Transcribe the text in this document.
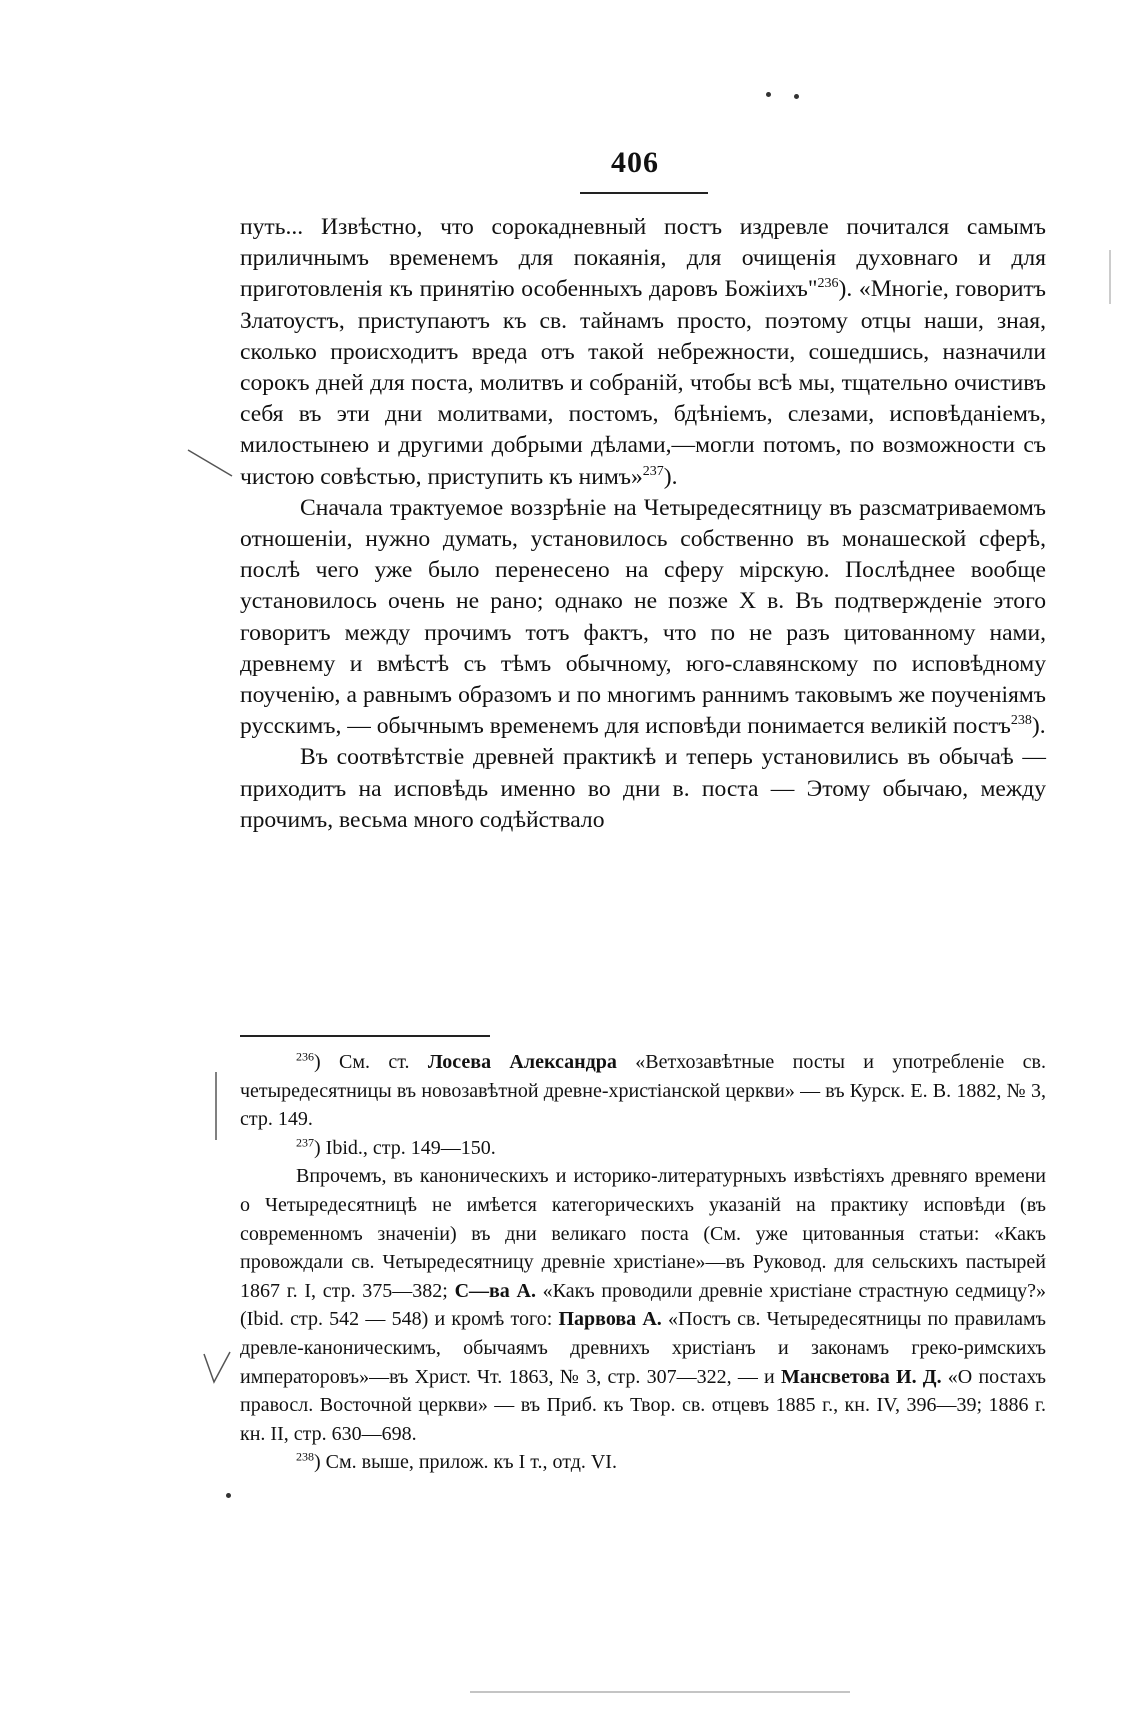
406

путь... Извѣстно, что сорокадневный постъ издревле почитался самымъ приличнымъ временемъ для покаянія, для очищенія духовнаго и для приготовленія къ принятію особенныхъ даровъ Божіихъ"$^{236}$). «Многіе, говоритъ Златоустъ, приступаютъ къ св. тайнамъ просто, поэтому отцы наши, зная, сколько происходитъ вреда отъ такой небрежности, сошедшись, назначили сорокъ дней для поста, молитвъ и собраній, чтобы всѣ мы, тщательно очистивъ себя въ эти дни молитвами, постомъ, бдѣніемъ, слезами, исповѣданіемъ, милостынею и другими добрыми дѣлами,—могли потомъ, по возможности съ чистою совѣстью, приступить къ нимъ»$^{237}$).

Сначала трактуемое воззрѣніе на Четыредесятницу въ разсматриваемомъ отношеніи, нужно думать, установилось собственно въ монашеской сферѣ, послѣ чего уже было перенесено на сферу мірскую. Послѣднее вообще установилось очень не рано; однако не позже X в. Въ подтвержденіе этого говоритъ между прочимъ тотъ фактъ, что по не разъ цитованному нами, древнему и вмѣстѣ съ тѣмъ обычному, юго-славянскому по исповѣдному поученію, а равнымъ образомъ и по многимъ раннимъ таковымъ же поученіямъ русскимъ, — обычнымъ временемъ для исповѣди понимается великій постъ$^{238}$).

Въ соотвѣтствіе древней практикѣ и теперь установились въ обычаѣ — приходитъ на исповѣдь именно во дни в. поста — Этому обычаю, между прочимъ, весьма много содѣйствало

$^{236}$) См. ст. Лосева Александра «Ветхозавѣтные посты и употребленіе св. четыредесятницы въ новозавѣтной древне-христіанской церкви» — въ Курск. Е. В. 1882, № 3, стр. 149.

$^{237}$) Ibid., стр. 149—150.

Впрочемъ, въ каноническихъ и историко-литературныхъ извѣстіяхъ древняго времени о Четыредесятницѣ не имѣется категорическихъ указаній на практику исповѣди (въ современномъ значеніи) въ дни великаго поста (См. уже цитованныя статьи: «Какъ провождали св. Четыредесятницу древніе христіане»—въ Руковод. для сельскихъ пастырей 1867 г. I, стр. 375—382; С—ва А. «Какъ проводили древніе христіане страстную седмицу?» (Ibid. стр. 542 — 548) и кромѣ того: Парвова А. «Постъ св. Четыредесятницы по правиламъ древле-каноническимъ, обычаямъ древнихъ христіанъ и законамъ греко-римскихъ императоровъ»—въ Христ. Чт. 1863, № 3, стр. 307—322, — и Мансветова И. Д. «О постахъ правосл. Восточной церкви» — въ Приб. къ Твор. св. отцевъ 1885 г., кн. IV, 396—39; 1886 г. кн. II, стр. 630—698.

$^{238}$) См. выше, прилож. къ I т., отд. VI.
